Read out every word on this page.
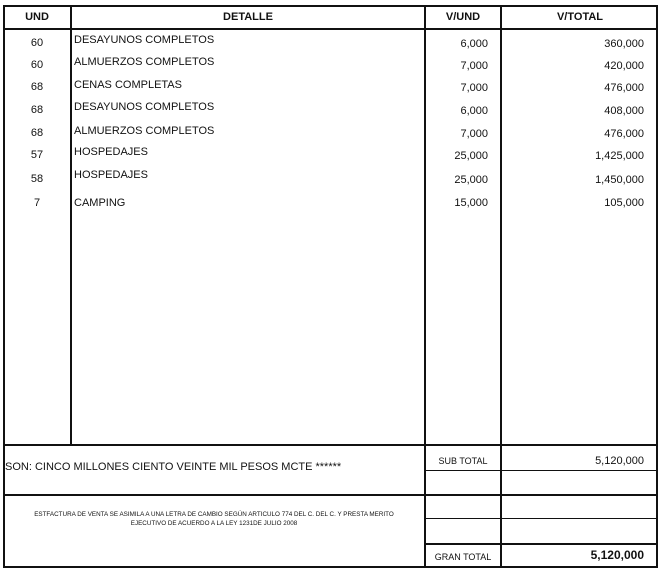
UND	DETALLE	V/UND	V/TOTAL
60	DESAYUNOS COMPLETOS	6,000	360,000
60	ALMUERZOS COMPLETOS	7,000	420,000
68	CENAS COMPLETAS	7,000	476,000
68	DESAYUNOS COMPLETOS	6,000	408,000
68	ALMUERZOS COMPLETOS	7,000	476,000
57	HOSPEDAJES	25,000	1,425,000
58	HOSPEDAJES	25,000	1,450,000
7	CAMPING	15,000	105,000
SON: CINCO MILLONES CIENTO VEINTE MIL PESOS MCTE ******
ESTFACTURA DE VENTA SE ASIMILA A UNA LETRA DE CAMBIO SEGÚN ARTICULO 774 DEL C. DEL C. Y PRESTA MERITO
EJECUTIVO DE ACUERDO A LA LEY 1231DE JULIO 2008
SUB TOTAL	5,120,000
GRAN TOTAL	5,120,000
